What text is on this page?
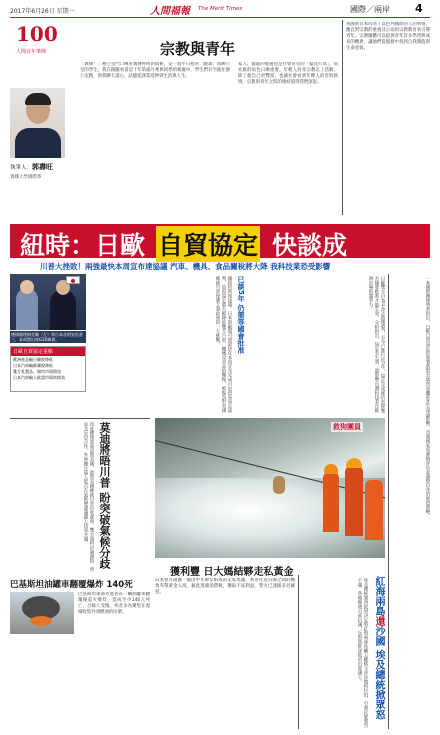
2017年6月26日 星期一	人間福報 The Merit Times	國際／兩岸 4
100
人間百年筆陣
執筆人：郭壽旺
實踐大學國際系
宗教與青年

「教韓！」辦公室門口傳來幾聲呼叫的問候，是一群平日稍常「蹺課」而聊公室的學生，我在跟隨看書這十年的歲月裡與同學的相處中，學生們有空就往辦公室跑，與我聊天談心，話題從課業延伸到生活與人生。

家人、親戚的擔憂也是社會常有的「偏見行為」，而社區的角色日漸重要。年輕人投身宗教志工活動，除了使自己更豐富，也讓社會看到年輕人的善與熱情，宗教與青年之間的連結值得我們深思。

我國與日本同為了以色列國際的人的事情，應以對宗教的重視及正面的宗教教育來引導青年。宗教團體可以提供青年許多學習與成長的機會，讓他們從服務中找到自我價值與生命意義。

紐時：日歐 自貿協定 快談成
川普大挫敗！兩強最快本周宣布達協議 汽車、機具、食品關稅將大降 我科技業恐受影響

德國總理梅克爾（左）和日本首相安倍晉三，本周將出席G20峰會。

日歐自貿協定重點
歐洲產品輸日關稅降低
日本汽車輸歐關稅降低
雙方乳製品、豬肉市場開放
日本汽車輸入歐盟市場時間表
已談5年 仍需等國會批准

據紐約時報報導，日本與歐盟可望最快在本周宣布完成自由貿易協定談判，這項協定將大幅降低雙方汽車、機械及食品的關稅，被視為對美國總統川普保護主義政策的一大挑戰。	日歐雙方自2013年展開談判，至今已進行近5年，協定完成後仍需經雙方國會批准才能生效。分析指出，協定若生效，將影響台灣科技業在歐洲市場的競爭力。	一本國際關係學者指出，日歐自貿協定的簽署將對全球貿易體系產生深遠影響，亞洲國家須審慎評估並調整自身的經貿策略。

莫迪將晤川普 盼突破氣候分歧

印度總理莫迪訪問美國，將與美國總統川普首度會面，雙方預料討論國防、貿易及反恐合作，外界關注兩人能否在氣候變遷議題上找到共識。	救狗團員
獲利豐 日大媽結夥走私黃金

日本警方破獲一個由中年婦女組成的走私集團，利用往返日韓之間的機會夾帶黃金入境，藉此逃避消費稅，獲取不法利益，警方已逮捕多名嫌犯。

巴基斯坦油罐車翻覆爆炸 140死

巴基斯坦東部旁遮普省一輛油罐車翻覆後起火爆炸，造成至少140人死亡、百餘人受傷，死者多為聚集在現場收集外洩燃油的民眾。	紅海兩島還沙國 埃及總統掀眾怒

埃及總統塞西政府決定將紅海兩座島嶼主權移交沙烏地阿拉伯，引發民眾強烈不滿，各地爆發示威抗議，反對派批評政府出賣國土。
